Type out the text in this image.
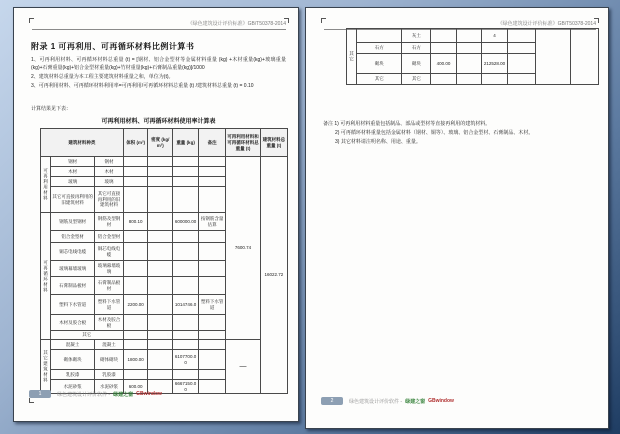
《绿色建筑设计评价标准》GB/T50378-2014
附录 1 可再利用、可再循环材料比例计算书

1、可再利用材料、可再循环材料总重量 (t) = [钢材、铝合金型材等金属材料重量 (kg) +木材重量(kg)+玻璃重量(kg)+石膏重量(kg)+铝合金型材重量(kg)+竹材重量(kg)+石膏制品重量(kg)]/1000

2、建筑材料总重量为本工程主要建筑材料重量之和，单位为(t)。

3、可再利用材料、可再循环材料利用率=可再利用/可再循环材料总重量 (t) /建筑材料总重量 (t) = 0.10

计算结果见下表：
可再利用材料、可再循环材料使用率计算表
建筑材料种类			体积 (m³)	密度 (kg/m³)	重量 (kg)	备注	可再利用材料和可再循环材料总重量 (t)	建筑材料总重量 (t)
可再利用材料	钢材	钢材					7600.74	16022.72
	木材	木材						
	玻璃	玻璃						
	其它可直接再利用的旧建筑材料	其它可直接再利用的旧建筑材料						
可再循环材料	钢筋及型钢材	钢筋及型钢材	800.10		600000.00	按钢筋含量估算		
	铝合金型材	铝合金型材						
	铜芯电线电缆	铜芯电线电缆						
	玻璃幕墙玻璃	玻璃幕墙玻璃						
	石膏制品板材	石膏制品板材						
	塑料下水管道	塑料下水管道	2200.00		1014746.0	塑料下水管道		
	木材及胶合板	木材及胶合板						
	其它							
其它建筑材料	混凝土	混凝土					—	
	砌体砌块	砌体砌块	1800.00		6107700.00			
	乳胶漆	乳胶漆						
	水泥砂浆	水泥砂浆	600.00		6667150.00			
1	绿色建筑设计评价软件 - 绿建之窗 GBwindow
《绿色建筑设计评价标准》GB/T50378-2014
其它		灰土			4			
	石方	石方						
	砌块	砌块	400.00		212528.00			
	其它	其它						

备注 1) 可再利用材料重量包括制品、部品或型材等直接再利用的建筑材料。

2) 可再循环材料重量包括金属材料（钢材、铜等）、玻璃、铝合金型材、石膏制品、木材。

3) 其它材料请注明名称、用途、重量。

2	绿色建筑设计评价软件 - 绿建之窗 GBwindow
